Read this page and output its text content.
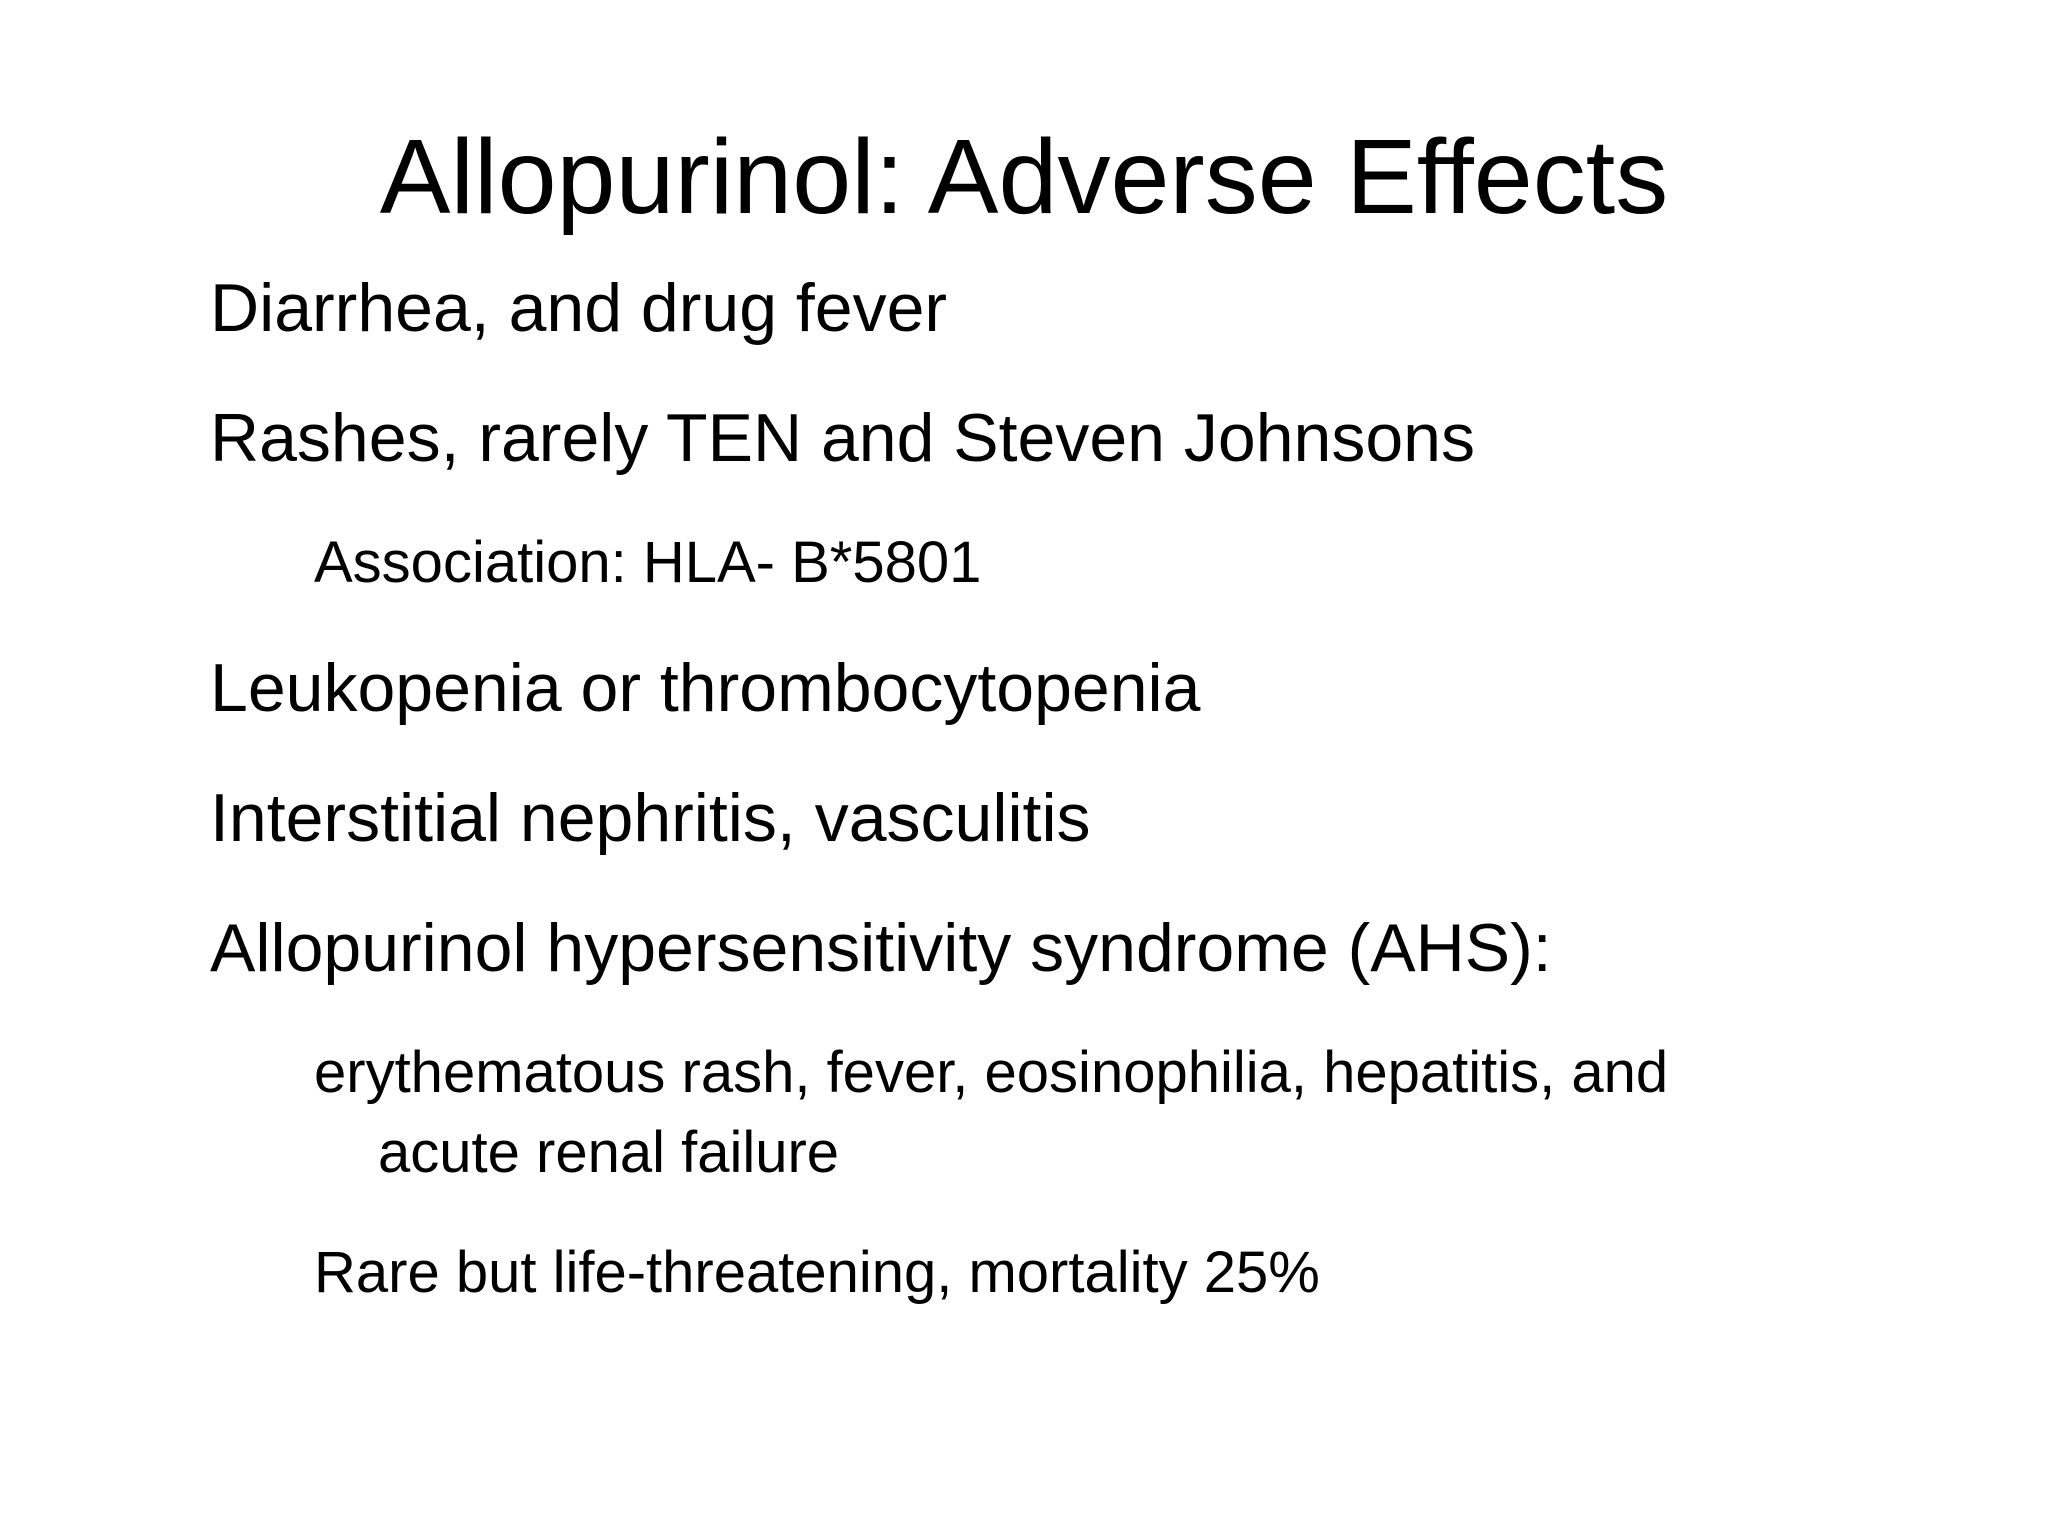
Allopurinol: Adverse Effects
Diarrhea, and drug fever
Rashes, rarely TEN and Steven Johnsons
Association: HLA- B*5801
Leukopenia or thrombocytopenia
Interstitial nephritis, vasculitis
Allopurinol hypersensitivity syndrome (AHS):
erythematous rash, fever, eosinophilia, hepatitis, and
acute renal failure
Rare but life-threatening, mortality 25%
